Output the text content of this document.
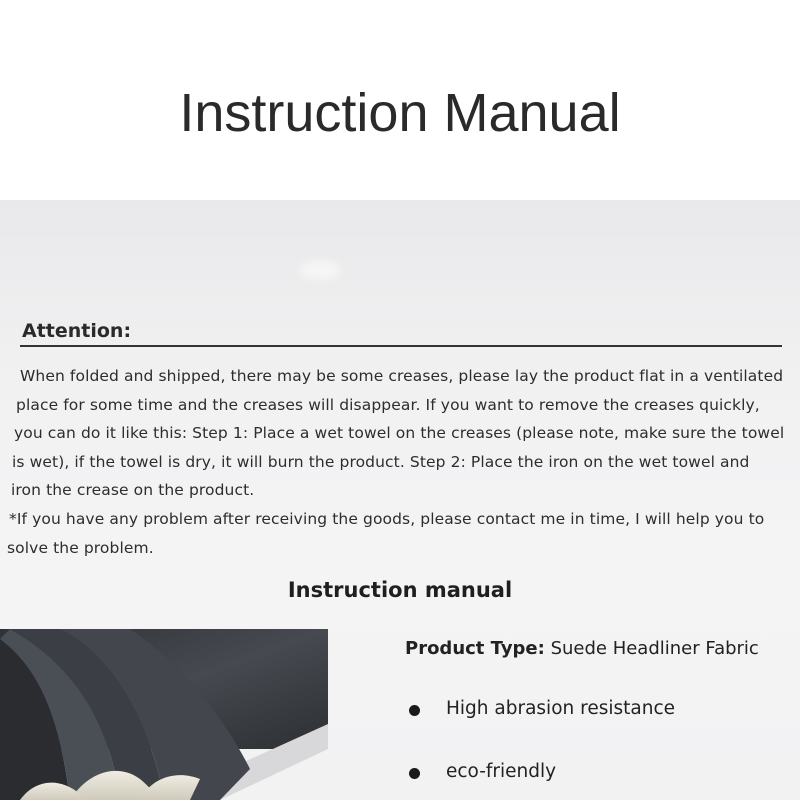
Instruction Manual
Attention:
When folded and shipped, there may be some creases, please lay the product flat in a ventilated
place for some time and the creases will disappear. If you want to remove the creases quickly,
you can do it like this: Step 1: Place a wet towel on the creases (please note, make sure the towel
is wet), if the towel is dry, it will burn the product. Step 2: Place the iron on the wet towel and
iron the crease on the product.
*If you have any problem after receiving the goods, please contact me in time, I will help you to
solve the problem.
Instruction manual
Product Type: Suede Headliner Fabric
High abrasion resistance
eco-friendly
